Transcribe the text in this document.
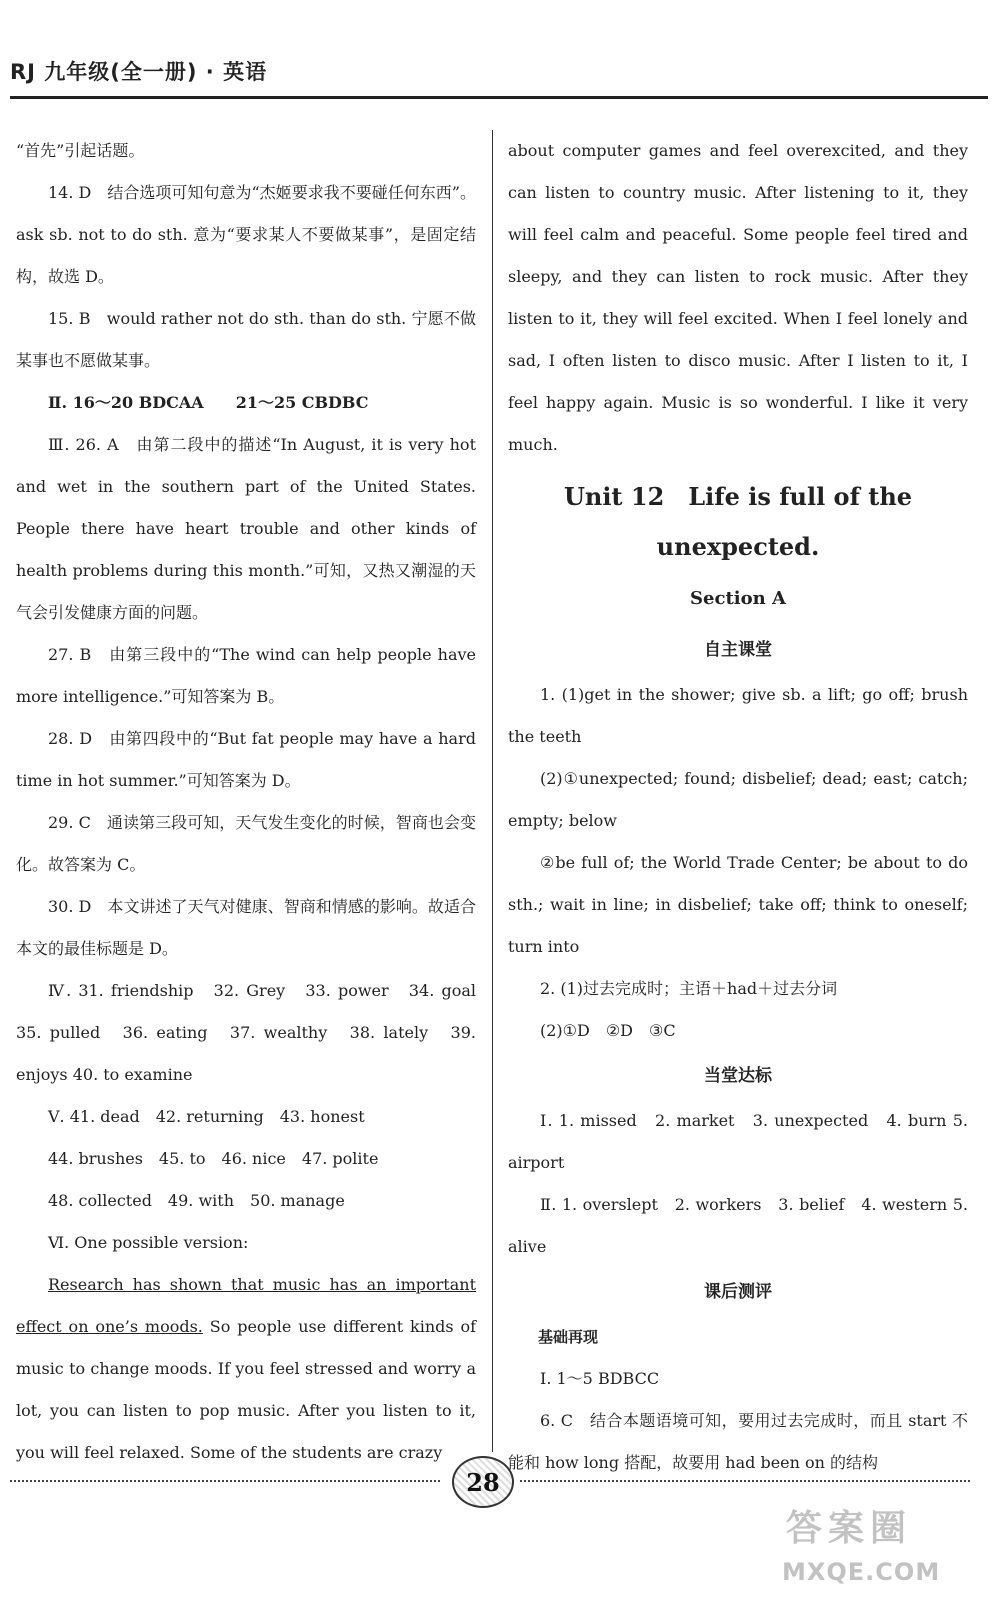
RJ 九年级(全一册) · 英语

“首先”引起话题。

14. D　结合选项可知句意为“杰姬要求我不要碰任何东西”。ask sb. not to do sth. 意为“要求某人不要做某事”，是固定结构，故选 D。

15. B　would rather not do sth. than do sth. 宁愿不做某事也不愿做某事。

Ⅱ. 16～20 BDCAA　　21～25 CBDBC

Ⅲ. 26. A　由第二段中的描述“In August, it is very hot and wet in the southern part of the United States. People there have heart trouble and other kinds of health problems during this month.”可知，又热又潮湿的天气会引发健康方面的问题。

27. B　由第三段中的“The wind can help people have more intelligence.”可知答案为 B。

28. D　由第四段中的“But fat people may have a hard time in hot summer.”可知答案为 D。

29. C　通读第三段可知，天气发生变化的时候，智商也会变化。故答案为 C。

30. D　本文讲述了天气对健康、智商和情感的影响。故适合本文的最佳标题是 D。

Ⅳ. 31. friendship　32. Grey　33. power　34. goal 35. pulled　36. eating　37. wealthy　38. lately　39. enjoys 40. to examine

Ⅴ. 41. dead　42. returning　43. honest

44. brushes　45. to　46. nice　47. polite

48. collected　49. with　50. manage

Ⅵ. One possible version:

Research has shown that music has an important effect on one’s moods. So people use different kinds of music to change moods. If you feel stressed and worry a lot, you can listen to pop music. After you listen to it, you will feel relaxed. Some of the students are crazy

about computer games and feel overexcited, and they can listen to country music. After listening to it, they will feel calm and peaceful. Some people feel tired and sleepy, and they can listen to rock music. After they listen to it, they will feel excited. When I feel lonely and sad, I often listen to disco music. After I listen to it, I feel happy again. Music is so wonderful. I like it very much.

Unit 12　Life is full of the
unexpected.
Section A
自主课堂

1. (1)get in the shower; give sb. a lift; go off; brush the teeth

(2)①unexpected; found; disbelief; dead; east; catch; empty; below

②be full of; the World Trade Center; be about to do sth.; wait in line; in disbelief; take off; think to oneself; turn into

2. (1)过去完成时；主语＋had＋过去分词

(2)①D　②D　③C

当堂达标

Ⅰ. 1. missed　2. market　3. unexpected　4. burn 5. airport

Ⅱ. 1. overslept　2. workers　3. belief　4. western 5. alive

课后测评
基础再现

Ⅰ. 1～5 BDBCC

6. C　结合本题语境可知，要用过去完成时，而且 start 不能和 how long 搭配，故要用 had been on 的结构

28
答案圈
MXQE.COM
